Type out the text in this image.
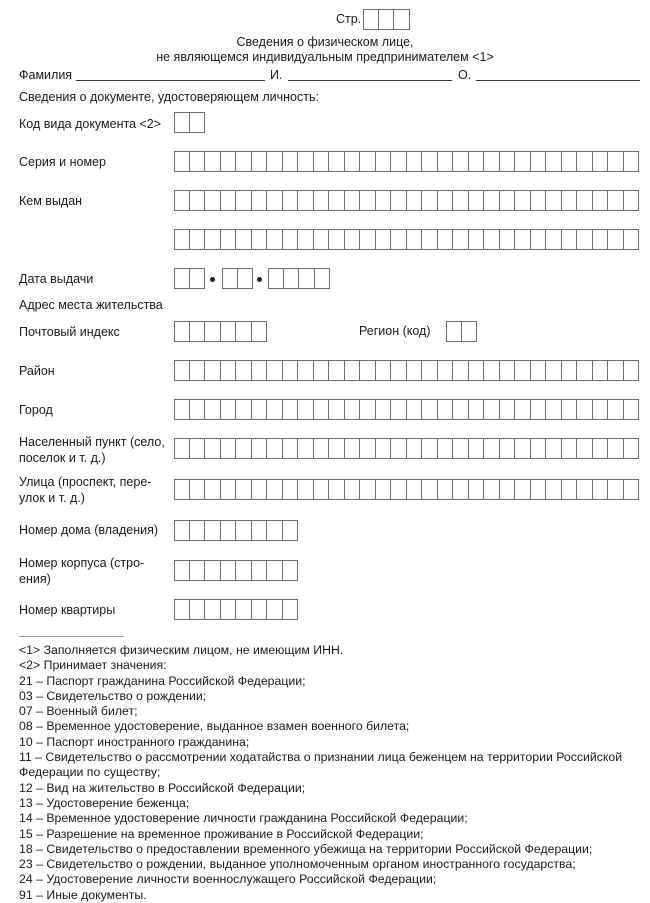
Стр.
Сведения о физическом лице,
не являющемся индивидуальным предпринимателем <1>
Фамилия	И.	О.
Сведения о документе, удостоверяющем личность:
Код вида документа <2>
Серия и номер
Кем выдан
Дата выдачи
Адрес места жительства
Почтовый индекс	Регион (код)
Район
Город
Населенный пункт (село,
поселок и т. д.)
Улица (проспект, пере-
улок и т. д.)
Номер дома (владения)
Номер корпуса (стро-
ения)
Номер квартиры
<1> Заполняется физическим лицом, не имеющим ИНН.
<2> Принимает значения:
21 – Паспорт гражданина Российской Федерации;
03 – Свидетельство о рождении;
07 – Военный билет;
08 – Временное удостоверение, выданное взамен военного билета;
10 – Паспорт иностранного гражданина;
11 – Свидетельство о рассмотрении ходатайства о признании лица беженцем на территории Российской
Федерации по существу;
12 – Вид на жительство в Российской Федерации;
13 – Удостоверение беженца;
14 – Временное удостоверение личности гражданина Российской Федерации;
15 – Разрешение на временное проживание в Российской Федерации;
18 – Свидетельство о предоставлении временного убежища на территории Российской Федерации;
23 – Свидетельство о рождении, выданное уполномоченным органом иностранного государства;
24 – Удостоверение личности военнослужащего Российской Федерации;
91 – Иные документы.
